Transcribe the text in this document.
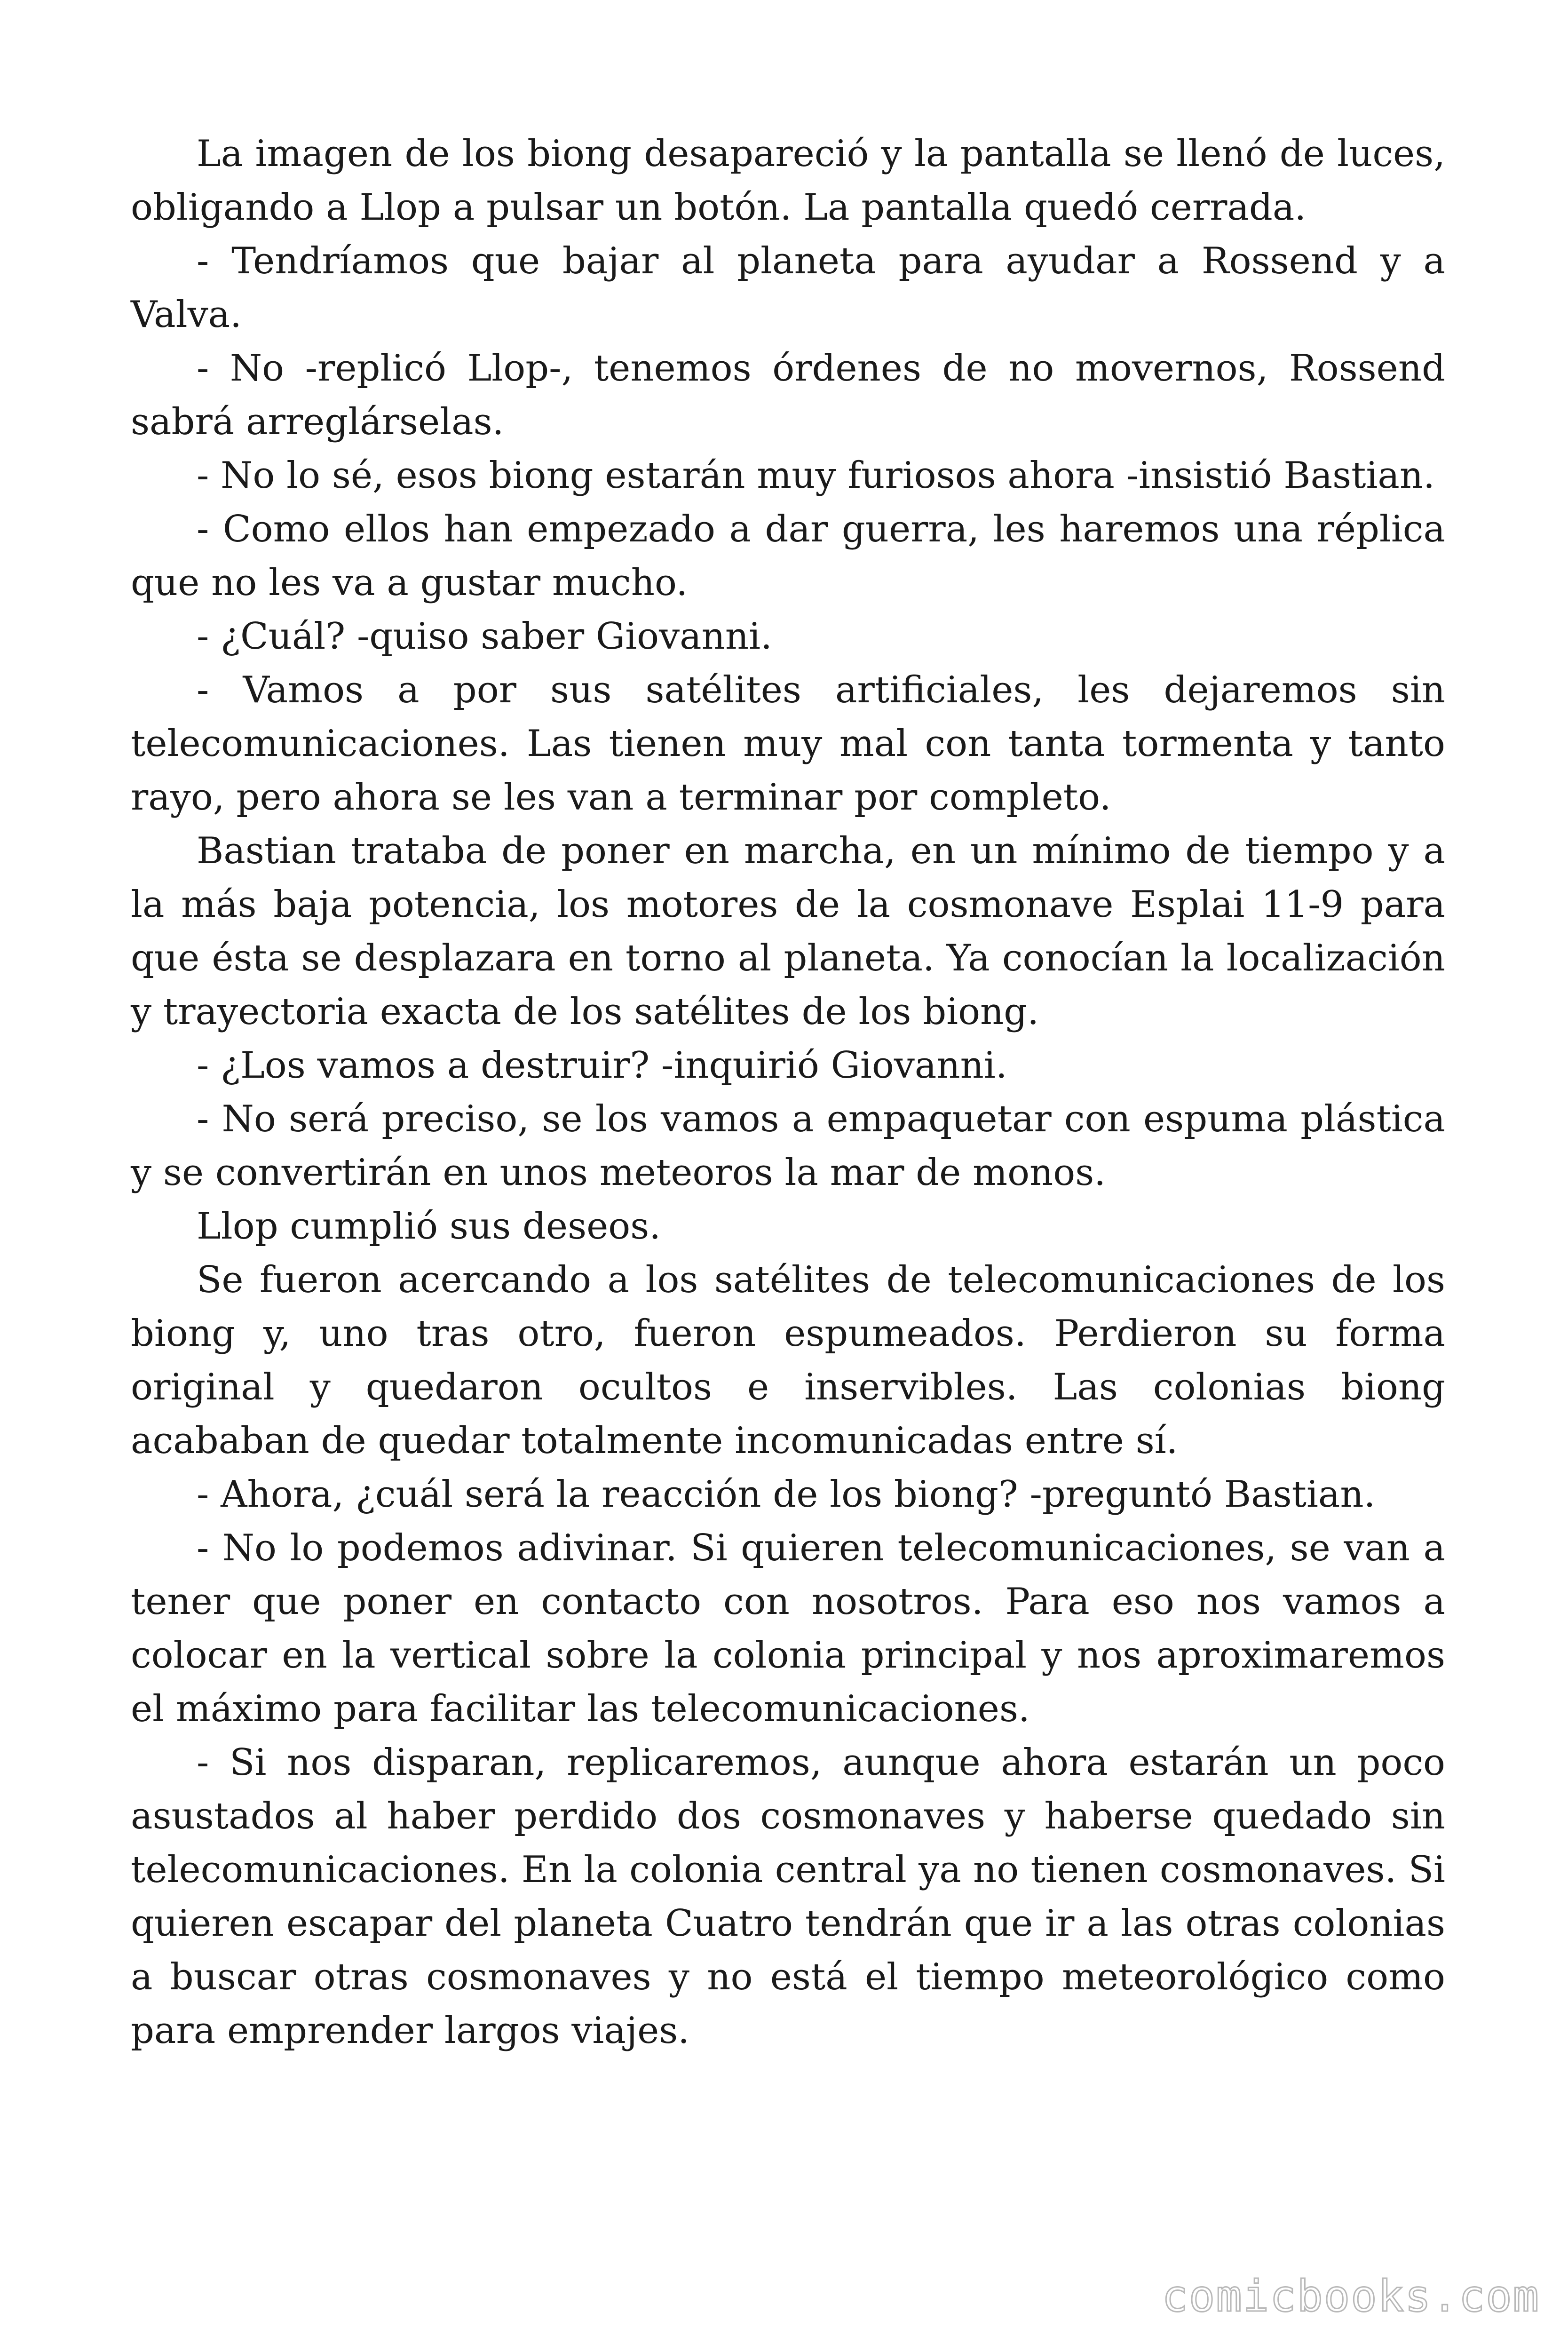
La imagen de los biong desapareció y la pantalla se llenó de luces, obligando a Llop a pulsar un botón. La pantalla quedó cerrada.

- Tendríamos que bajar al planeta para ayudar a Rossend y a Valva.

- No -replicó Llop-, tenemos órdenes de no movernos, Rossend sabrá arreglárselas.

- No lo sé, esos biong estarán muy furiosos ahora -insistió Bastian.

- Como ellos han empezado a dar guerra, les haremos una réplica que no les va a gustar mucho.

- ¿Cuál? -quiso saber Giovanni.

- Vamos a por sus satélites artificiales, les dejaremos sin telecomunicaciones. Las tienen muy mal con tanta tormenta y tanto rayo, pero ahora se les van a terminar por completo.

Bastian trataba de poner en marcha, en un mínimo de tiempo y a la más baja potencia, los motores de la cosmonave Esplai 11-9 para que ésta se desplazara en torno al planeta. Ya conocían la localización y trayectoria exacta de los satélites de los biong.

- ¿Los vamos a destruir? -inquirió Giovanni.

- No será preciso, se los vamos a empaquetar con espuma plástica y se convertirán en unos meteoros la mar de monos.

Llop cumplió sus deseos.

Se fueron acercando a los satélites de telecomunicaciones de los biong y, uno tras otro, fueron espumeados. Perdieron su forma original y quedaron ocultos e inservibles. Las colonias biong acababan de quedar totalmente incomunicadas entre sí.

- Ahora, ¿cuál será la reacción de los biong? -preguntó Bastian.

- No lo podemos adivinar. Si quieren telecomunicaciones, se van a tener que poner en contacto con nosotros. Para eso nos vamos a colocar en la vertical sobre la colonia principal y nos aproximaremos el máximo para facilitar las telecomunicaciones.

- Si nos disparan, replicaremos, aunque ahora estarán un poco asustados al haber perdido dos cosmonaves y haberse quedado sin telecomunicaciones. En la colonia central ya no tienen cosmonaves. Si quieren escapar del planeta Cuatro tendrán que ir a las otras colonias a buscar otras cosmonaves y no está el tiempo meteorológico como para emprender largos viajes.

comicbooks.com
